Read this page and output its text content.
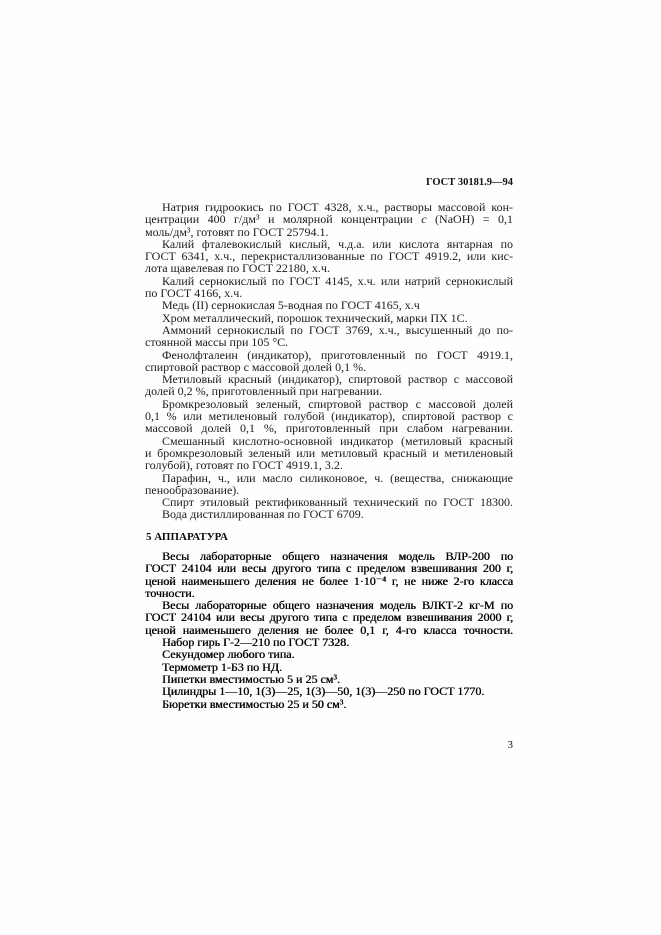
ГОСТ 30181.9—94
Натрия гидроокись по ГОСТ 4328, х.ч., растворы массовой кон-
центрации 400 г/дм³ и молярной концентрации c (NaOH) = 0,1
моль/дм³, готовят по ГОСТ 25794.1.
Калий фталевокислый кислый, ч.д.а. или кислота янтарная по
ГОСТ 6341, х.ч., перекристаллизованные по ГОСТ 4919.2, или кис-
лота щавелевая по ГОСТ 22180, х.ч.
Калий сернокислый по ГОСТ 4145, х.ч. или натрий сернокислый
по ГОСТ 4166, х.ч.
Медь (II) сернокислая 5-водная по ГОСТ 4165, х.ч
Хром металлический, порошок технический, марки ПХ 1С.
Аммоний сернокислый по ГОСТ 3769, х.ч., высушенный до по-
стоянной массы при 105 °С.
Фенолфталеин (индикатор), приготовленный по ГОСТ 4919.1,
спиртовой раствор с массовой долей 0,1 %.
Метиловый красный (индикатор), спиртовой раствор с массовой
долей 0,2 %, приготовленный при нагревании.
Бромкрезоловый зеленый, спиртовой раствор с массовой долей
0,1 % или метиленовый голубой (индикатор), спиртовой раствор с
массовой долей 0,1 %, приготовленный при слабом нагревании.
Смешанный кислотно-основной индикатор (метиловый красный
и бромкрезоловый зеленый или метиловый красный и метиленовый
голубой), готовят по ГОСТ 4919.1, 3.2.
Парафин, ч., или масло силиконовое, ч. (вещества, снижающие
пенообразование).
Спирт этиловый ректификованный технический по ГОСТ 18300.
Вода дистиллированная по ГОСТ 6709.
5 АППАРАТУРА
Весы лабораторные общего назначения модель ВЛР-200 по
ГОСТ 24104 или весы другого типа с пределом взвешивания 200 г,
ценой наименьшего деления не более 1·10⁻⁴ г, не ниже 2-го класса
точности.
Весы лабораторные общего назначения модель ВЛКТ-2 кг-М по
ГОСТ 24104 или весы другого типа с пределом взвешивания 2000 г,
ценой наименьшего деления не более 0,1 г, 4-го класса точности.
Набор гирь Г-2—210 по ГОСТ 7328.
Секундомер любого типа.
Термометр 1-Б3 по НД.
Пипетки вместимостью 5 и 25 см³.
Цилиндры 1—10, 1(3)—25, 1(3)—50, 1(3)—250 по ГОСТ 1770.
Бюретки вместимостью 25 и 50 см³.
3
